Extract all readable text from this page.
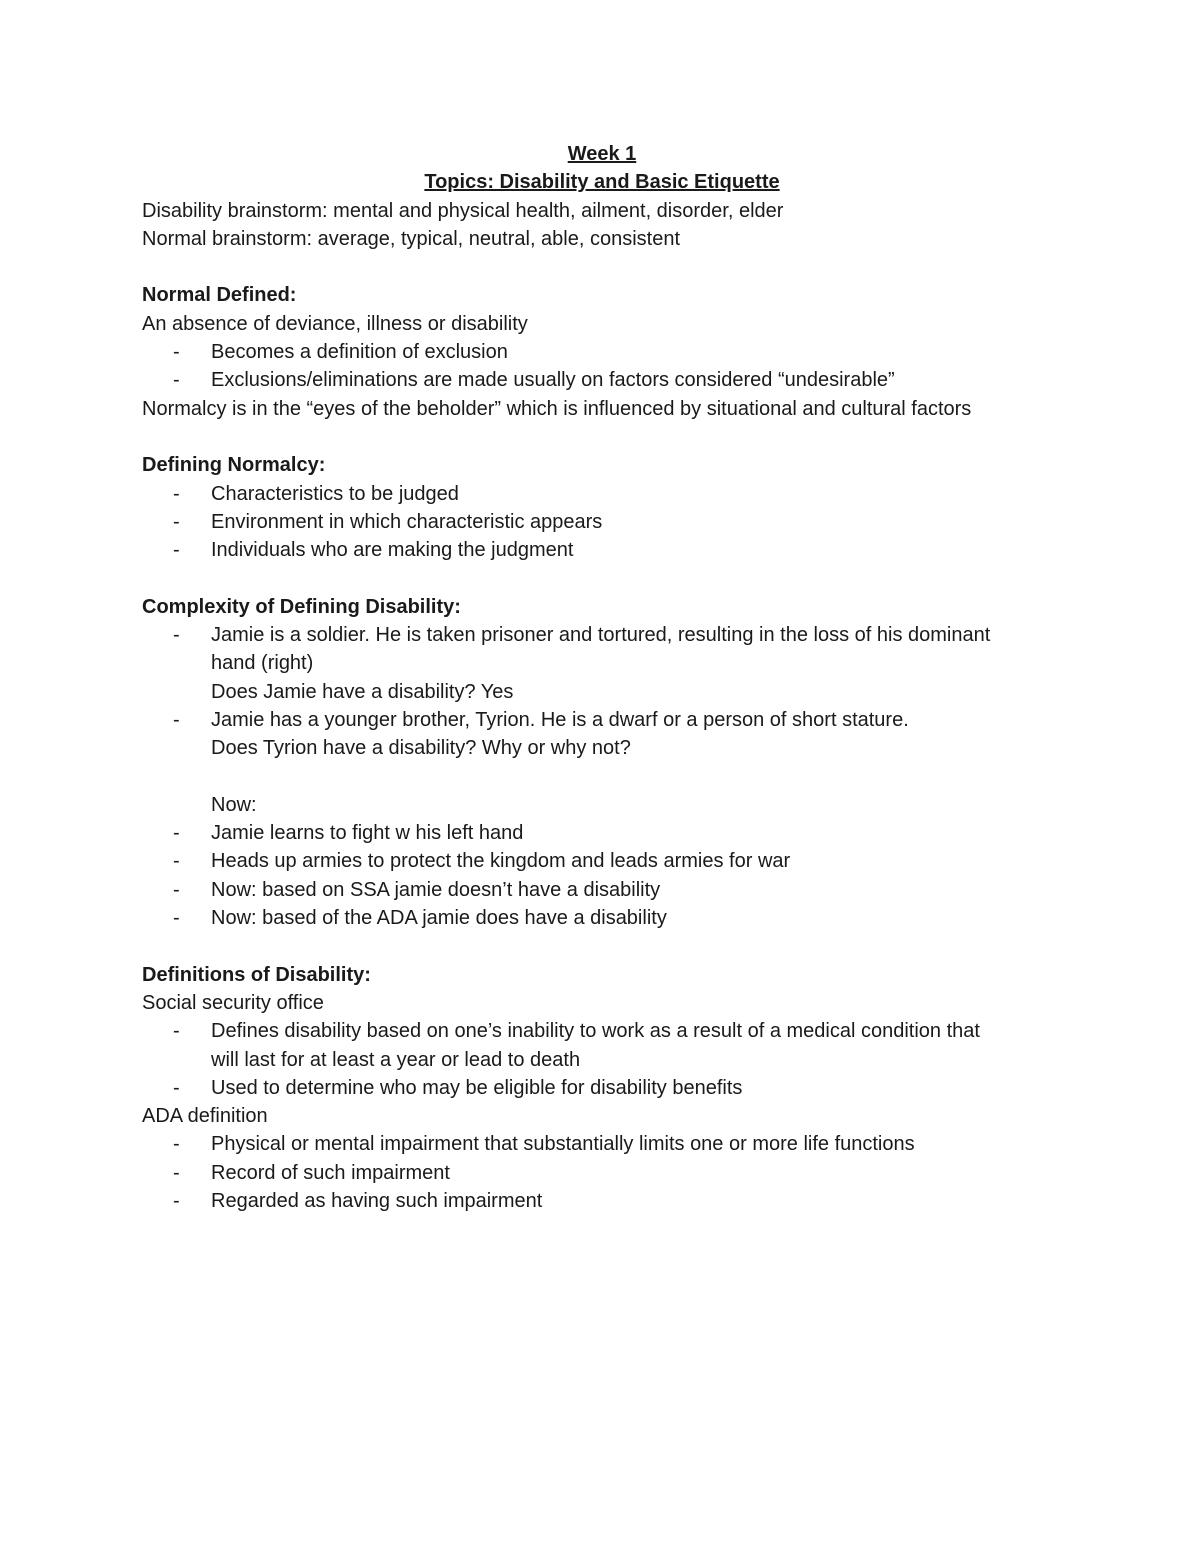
Week 1
Topics: Disability and Basic Etiquette
Disability brainstorm: mental and physical health, ailment, disorder, elder
Normal brainstorm: average, typical, neutral, able, consistent
Normal Defined:
An absence of deviance, illness or disability
- Becomes a definition of exclusion
- Exclusions/eliminations are made usually on factors considered “undesirable”
Normalcy is in the “eyes of the beholder” which is influenced by situational and cultural factors
Defining Normalcy:
- Characteristics to be judged
- Environment in which characteristic appears
- Individuals who are making the judgment
Complexity of Defining Disability:
- Jamie is a soldier. He is taken prisoner and tortured, resulting in the loss of his dominant
hand (right)
Does Jamie have a disability? Yes
- Jamie has a younger brother, Tyrion. He is a dwarf or a person of short stature.
Does Tyrion have a disability? Why or why not?
Now:
- Jamie learns to fight w his left hand
- Heads up armies to protect the kingdom and leads armies for war
- Now: based on SSA jamie doesn’t have a disability
- Now: based of the ADA jamie does have a disability
Definitions of Disability:
Social security office
- Defines disability based on one’s inability to work as a result of a medical condition that
will last for at least a year or lead to death
- Used to determine who may be eligible for disability benefits
ADA definition
- Physical or mental impairment that substantially limits one or more life functions
- Record of such impairment
- Regarded as having such impairment
